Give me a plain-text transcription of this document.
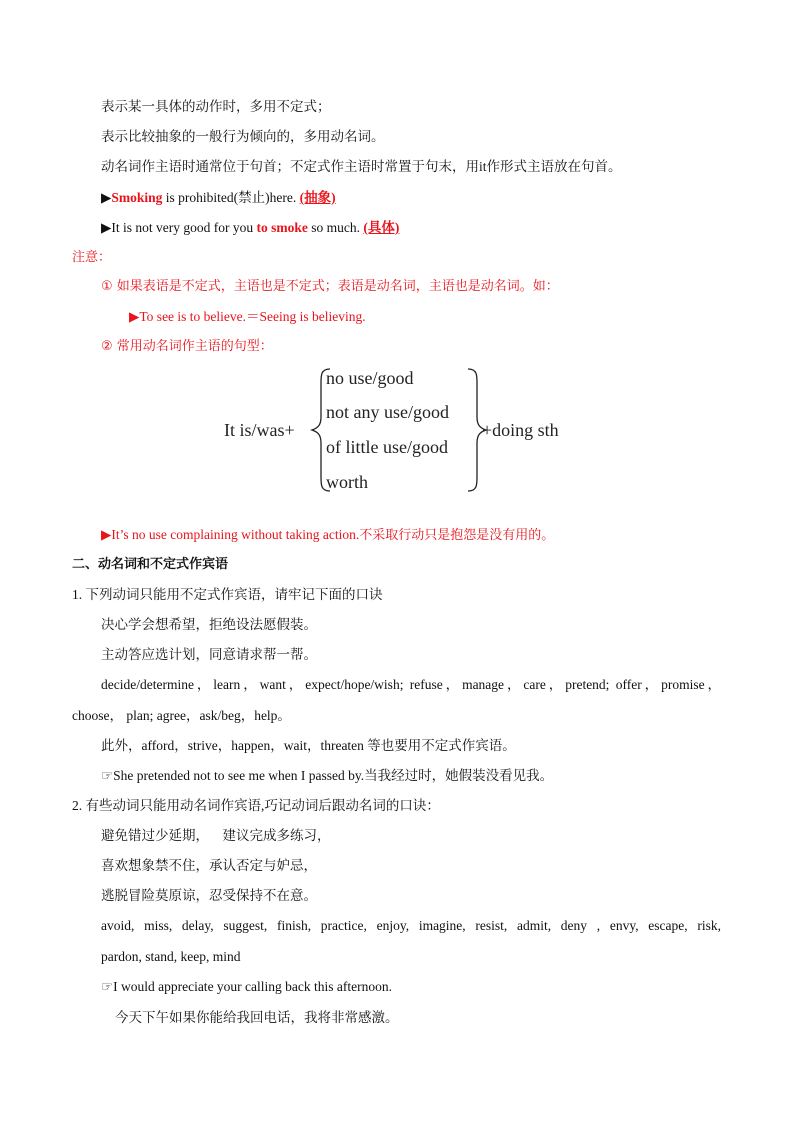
表示某一具体的动作时，多用不定式；
表示比较抽象的一般行为倾向的，多用动名词。
动名词作主语时通常位于句首；不定式作主语时常置于句末，用it作形式主语放在句首。
▶Smoking is prohibited(禁止)here. (抽象)
▶It is not very good for you to smoke so much. (具体)
注意：
① 如果表语是不定式，主语也是不定式；表语是动名词，主语也是动名词。如：
▶To see is to believe.＝Seeing is believing.
② 常用动名词作主语的句型：
It is/was+
no use/good
not any use/good
of little use/good
worth
+doing sth
▶It’s no use complaining without taking action.不采取行动只是抱怨是没有用的。
二、动名词和不定式作宾语
1. 下列动词只能用不定式作宾语，请牢记下面的口诀
决心学会想希望，拒绝设法愿假装。
主动答应选计划，同意请求帮一帮。
decide/determine，learn，want，expect/hope/wish; refuse，manage，care，pretend; offer，promise，
choose， plan; agree，ask/beg，help。
此外，afford，strive，happen，wait，threaten 等也要用不定式作宾语。
☞She pretended not to see me when I passed by.当我经过时，她假装没看见我。
2. 有些动词只能用动名词作宾语,巧记动词后跟动名词的口诀：
避免错过少延期，    建议完成多练习，
喜欢想象禁不住，承认否定与妒忌，
逃脱冒险莫原谅，忍受保持不在意。
avoid, miss, delay, suggest, finish, practice, enjoy, imagine, resist, admit, deny , envy, escape, risk,
pardon, stand, keep, mind
☞I would appreciate your calling back this afternoon.
今天下午如果你能给我回电话，我将非常感激。
